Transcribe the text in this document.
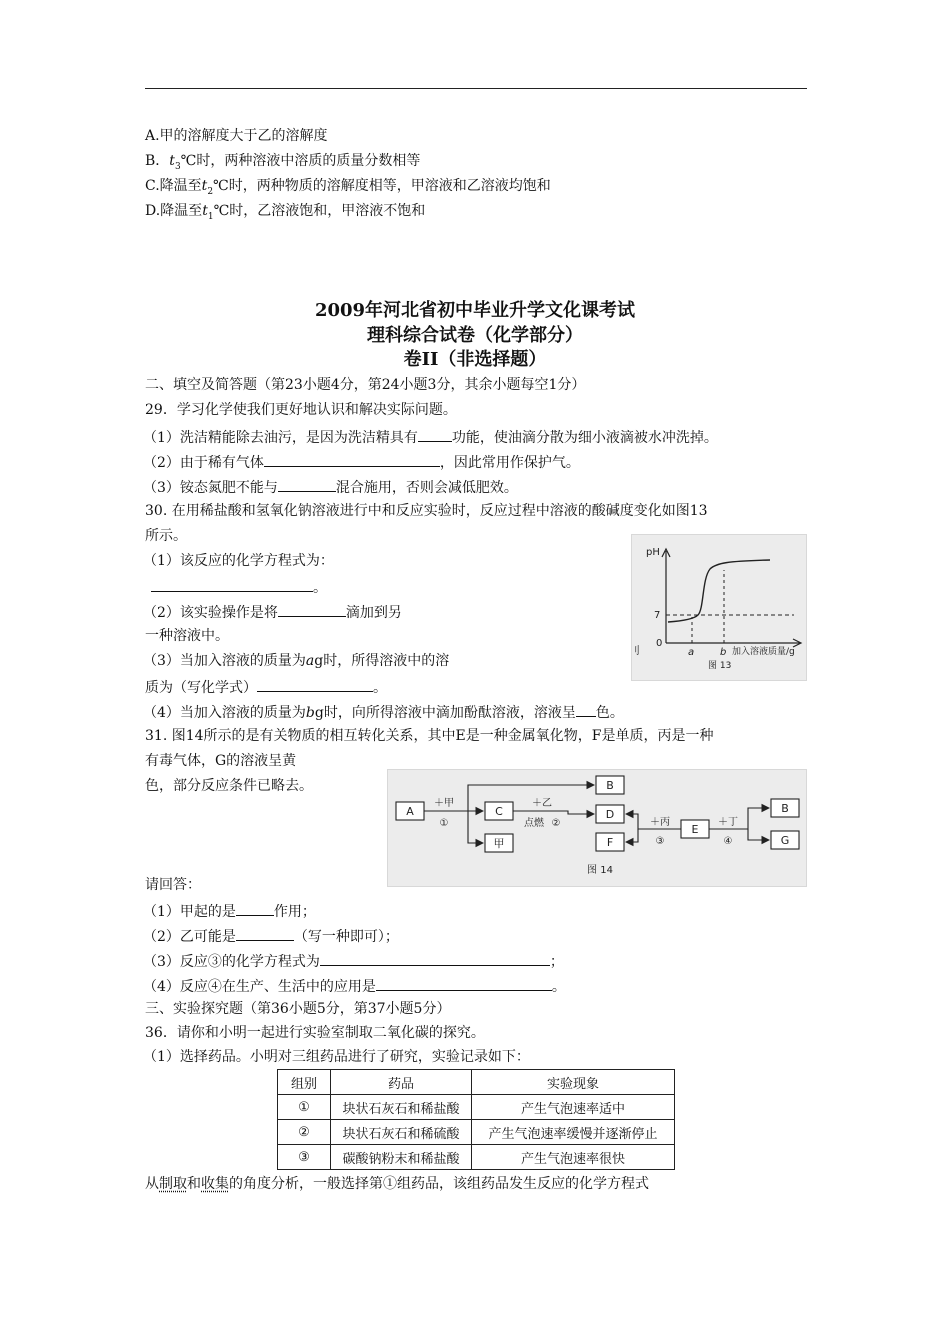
A.甲的溶解度大于乙的溶解度
B．$t_3℃$时，两种溶液中溶质的质量分数相等
C.降温至$t_2℃$时，两种物质的溶解度相等，甲溶液和乙溶液均饱和
D.降温至$t_1℃$时，乙溶液饱和，甲溶液不饱和
2009年河北省初中毕业升学文化课考试
理科综合试卷（化学部分）
卷II（非选择题）
二、填空及简答题（第23小题4分，第24小题3分，其余小题每空1分）
29．学习化学使我们更好地认识和解决实际问题。
（1）洗洁精能除去油污，是因为洗洁精具有 功能，使油滴分散为细小液滴被水冲洗掉。
（2）由于稀有气体	，因此常用作保护气。
（3）铵态氮肥不能与	混合施用，否则会减低肥效。
30. 在用稀盐酸和氢氧化钠溶液进行中和反应实验时，反应过程中溶液的酸碱度变化如图13
所示。
（1）该反应的化学方程式为：
。
（2）该实验操作是将	滴加到另
一种溶液中。
（3）当加入溶液的质量为ag时，所得溶液中的溶
质为（写化学式）	。
（4）当加入溶液的质量为bg时，向所得溶液中滴加酚酞溶液，溶液呈 色。
pH
7
0
a	b 加入溶液质量/g
图 13
刂
31. 图14所示的是有关物质的相互转化关系，其中E是一种金属氧化物，F是单质，丙是一种
有毒气体，G的溶液呈黄
色，部分反应条件已略去。
A	C
B
D
甲	F
E
B
G
＋甲
①
＋乙
点燃 ②	＋丙
③
＋丁
④
图 14
请回答：
（1）甲起的是	作用；
（2）乙可能是	（写一种即可）；
（3）反应③的化学方程式为	；
（4）反应④在生产、生活中的应用是	。
三、实验探究题（第36小题5分，第37小题5分）
36．请你和小明一起进行实验室制取二氧化碳的探究。
（1）选择药品。小明对三组药品进行了研究，实验记录如下：
组别	药品	实验现象
①	块状石灰石和稀盐酸	产生气泡速率适中
②	块状石灰石和稀硫酸	产生气泡速率缓慢并逐渐停止
③	碳酸钠粉末和稀盐酸	产生气泡速率很快
从制取和收集的角度分析，一般选择第①组药品，该组药品发生反应的化学方程式
